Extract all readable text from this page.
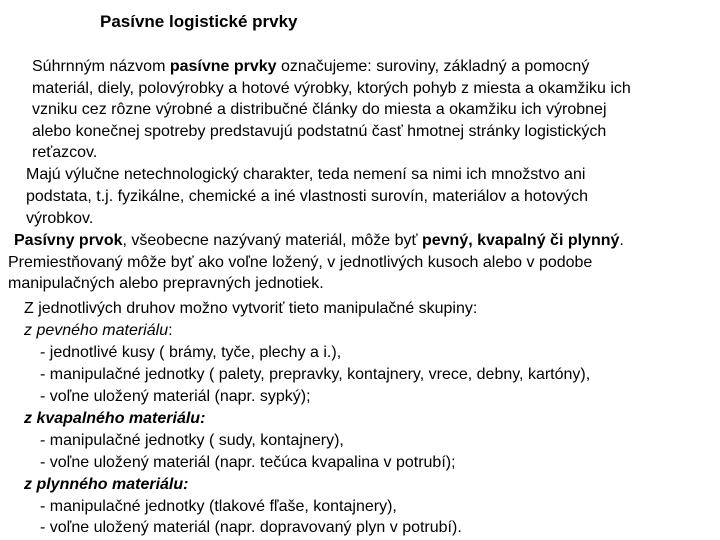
Pasívne logistické prvky
Súhrnným názvom pasívne prvky označujeme: suroviny, základný a pomocný
materiál, diely, polovýrobky a hotové výrobky, ktorých pohyb z miesta a okamžiku ich
vzniku cez rôzne výrobné a distribučné články do miesta a okamžiku ich výrobnej
alebo konečnej spotreby predstavujú podstatnú časť hmotnej stránky logistických
reťazcov.
Majú výlučne netechnologický charakter, teda nemení sa nimi ich množstvo ani
podstata, t.j. fyzikálne, chemické a iné vlastnosti surovín, materiálov a hotových
výrobkov.
Pasívny prvok, všeobecne nazývaný materiál, môže byť pevný, kvapalný či plynný.
Premiestňovaný môže byť ako voľne ložený, v jednotlivých kusoch alebo v podobe
manipulačných alebo prepravných jednotiek.
Z jednotlivých druhov možno vytvoriť tieto manipulačné skupiny:
z pevného materiálu:
- jednotlivé kusy ( brámy, tyče, plechy a i.),
- manipulačné jednotky ( palety, prepravky, kontajnery, vrece, debny, kartóny),
- voľne uložený materiál (napr. sypký);
z kvapalného materiálu:
- manipulačné jednotky ( sudy, kontajnery),
- voľne uložený materiál (napr. tečúca kvapalina v potrubí);
z plynného materiálu:
- manipulačné jednotky (tlakové fľaše, kontajnery),
- voľne uložený materiál (napr. dopravovaný plyn v potrubí).
